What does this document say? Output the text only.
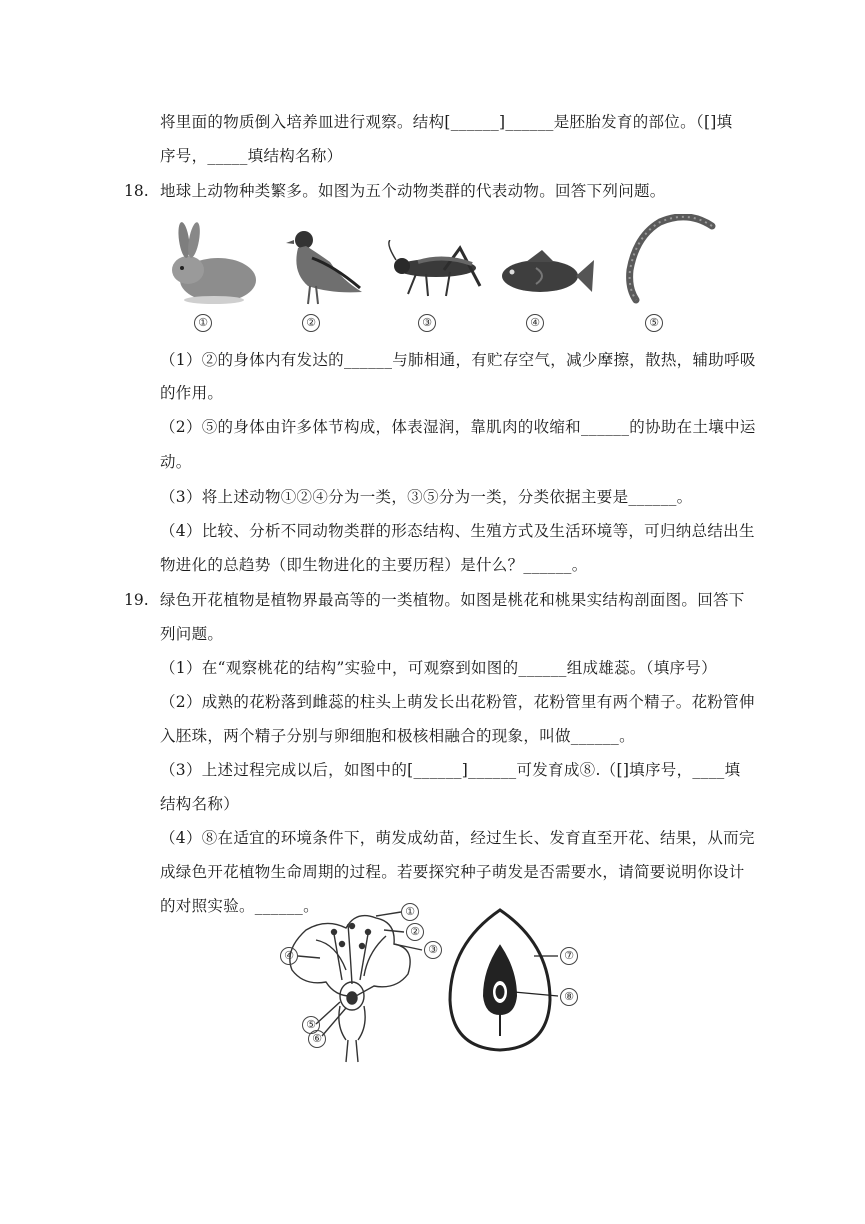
将里面的物质倒入培养皿进行观察。结构[______]______是胚胎发育的部位。（[]填
序号，_____填结构名称）
18. 地球上动物种类繁多。如图为五个动物类群的代表动物。回答下列问题。
①	②	③	④	⑤
（1）②的身体内有发达的______与肺相通，有贮存空气，减少摩擦，散热，辅助呼吸
的作用。
（2）⑤的身体由许多体节构成，体表湿润，靠肌肉的收缩和______的协助在土壤中运
动。
（3）将上述动物①②④分为一类，③⑤分为一类，分类依据主要是______。
（4）比较、分析不同动物类群的形态结构、生殖方式及生活环境等，可归纳总结出生
物进化的总趋势（即生物进化的主要历程）是什么？______。
19. 绿色开花植物是植物界最高等的一类植物。如图是桃花和桃果实结构剖面图。回答下
列问题。
（1）在“观察桃花的结构”实验中，可观察到如图的______组成雄蕊。（填序号）
（2）成熟的花粉落到雌蕊的柱头上萌发长出花粉管，花粉管里有两个精子。花粉管伸
入胚珠，两个精子分别与卵细胞和极核相融合的现象，叫做______。
（3）上述过程完成以后，如图中的[______]______可发育成⑧.（[]填序号，____填
结构名称）
（4）⑧在适宜的环境条件下，萌发成幼苗，经过生长、发育直至开花、结果，从而完
成绿色开花植物生命周期的过程。若要探究种子萌发是否需要水，请简要说明你设计
的对照实验。______。	①
②
③
④
⑤
⑥
⑦
⑧
